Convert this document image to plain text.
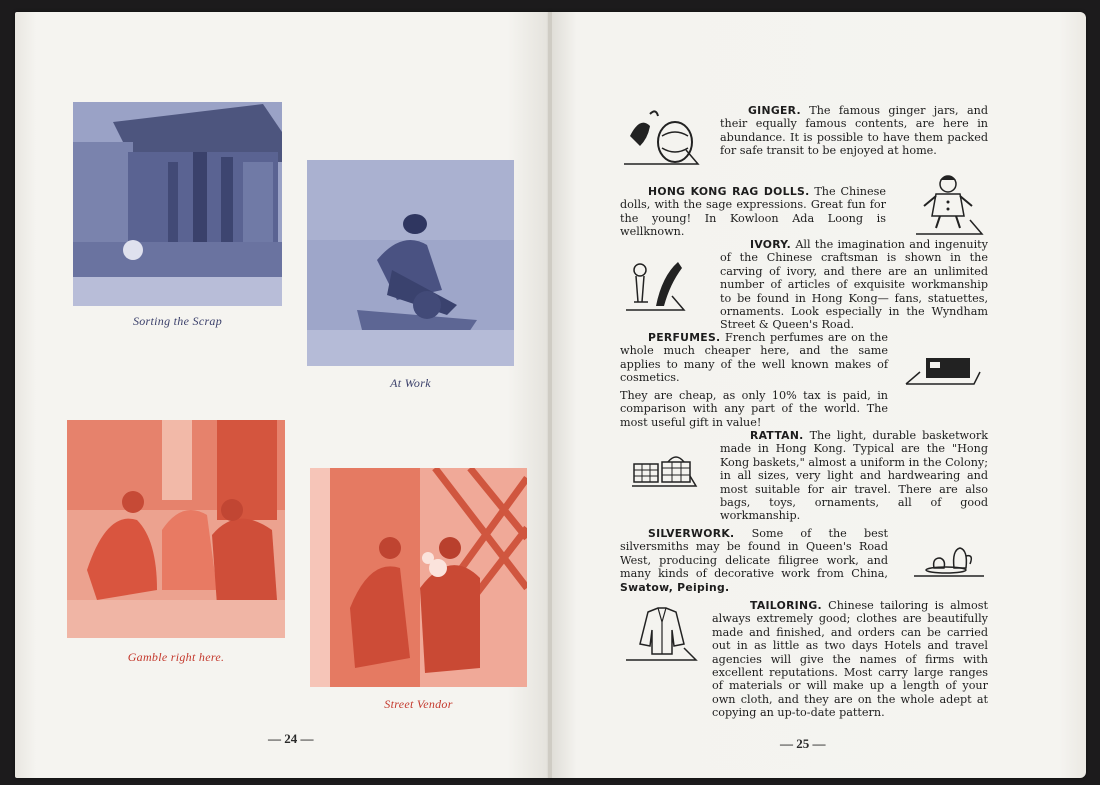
Sorting the Scrap
At Work
Gamble right here.
Street Vendor
— 24 —
GINGER. The famous ginger jars, and their equally famous contents, are here in abundance. It is possible to have them packed for safe transit to be enjoyed at home.
HONG KONG RAG DOLLS. The Chinese dolls, with the sage expressions. Great fun for the young! In Kowloon Ada Loong is wellknown.
IVORY. All the imagination and ingenuity of the Chinese craftsman is shown in the carving of ivory, and there are an unlimited number of articles of exquisite workmanship to be found in Hong Kong— fans, statuettes, ornaments. Look especially in the Wyndham Street & Queen's Road.
PERFUMES. French perfumes are on the whole much cheaper here, and the same applies to many of the well known makes of cosmetics.
They are cheap, as only 10% tax is paid, in comparison with any part of the world. The most useful gift in value!
RATTAN. The light, durable basketwork made in Hong Kong. Typical are the "Hong Kong baskets," almost a uniform in the Colony; in all sizes, very light and hardwearing and most suitable for air travel. There are also bags, toys, ornaments, all of good workmanship.
SILVERWORK. Some of the best silversmiths may be found in Queen's Road West, producing delicate filigree work, and many kinds of decorative work from China, Swatow, Peiping.
TAILORING. Chinese tailoring is almost always extremely good; clothes are beautifully made and finished, and orders can be carried out in as little as two days Hotels and travel agencies will give the names of firms with excellent reputations. Most carry large ranges of materials or will make up a length of your own cloth, and they are on the whole adept at copying an up-to-date pattern.
— 25 —
